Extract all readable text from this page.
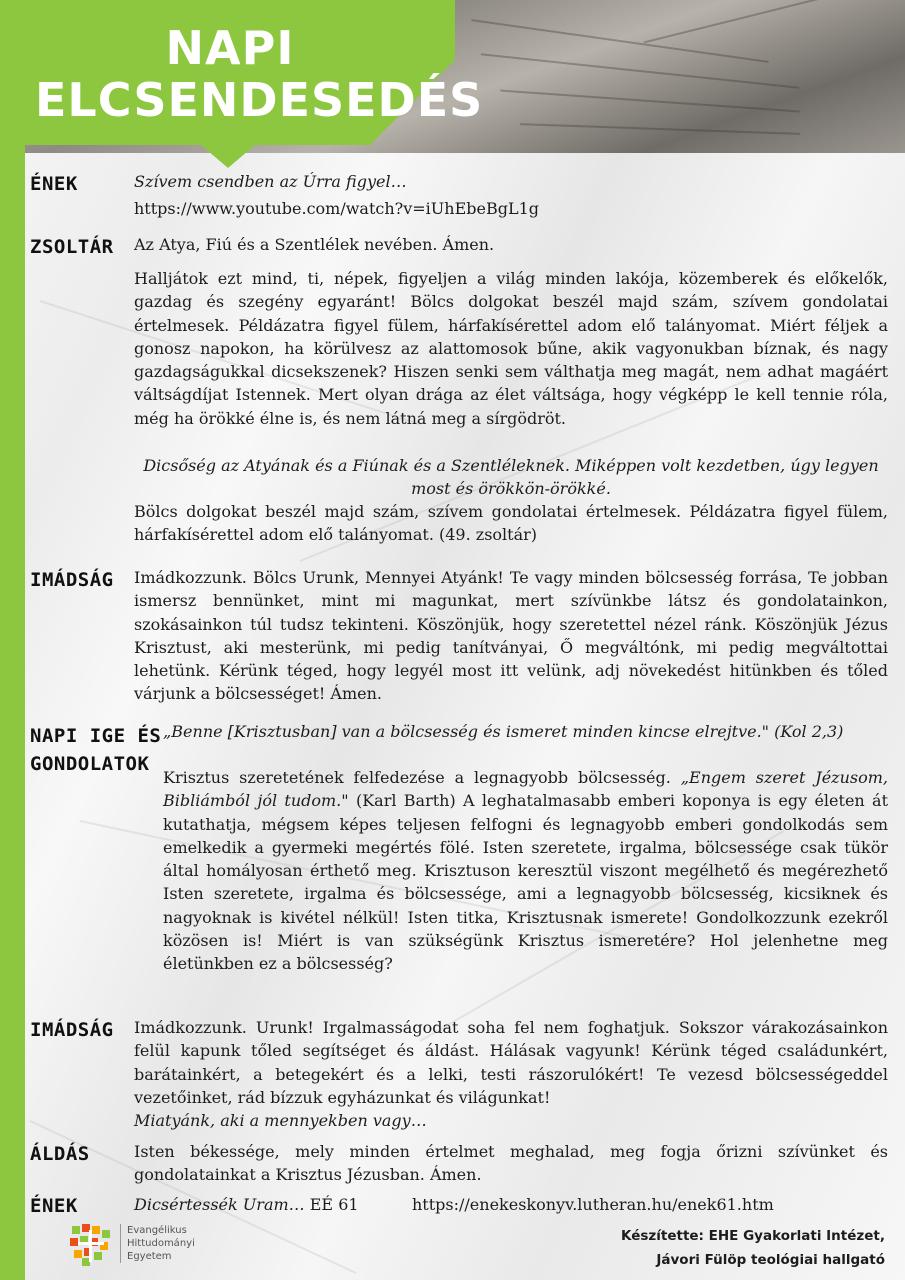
NAPI
ELCSENDESEDÉS
ÉNEK	Szívem csendben az Úrra figyel…

https://www.youtube.com/watch?v=iUhEbeBgL1g

ZSOLTÁR Az Atya, Fiú és a Szentlélek nevében. Ámen.

Halljátok ezt mind, ti, népek, figyeljen a világ minden lakója, közemberek és előkelők, gazdag és szegény egyaránt! Bölcs dolgokat beszél majd szám, szívem gondolatai értelmesek. Példázatra figyel fülem, hárfakísérettel adom elő talányomat. Miért féljek a gonosz napokon, ha körülvesz az alattomosok bűne, akik vagyonukban bíznak, és nagy gazdagságukkal dicsekszenek? Hiszen senki sem válthatja meg magát, nem adhat magáért váltságdíjat Istennek. Mert olyan drága az élet váltsága, hogy végképp le kell tennie róla, még ha örökké élne is, és nem látná meg a sírgödröt.

Dicsőség az Atyának és a Fiúnak és a Szentléleknek. Miképpen volt kezdetben, úgy legyen most és örökkön-örökké.

Bölcs dolgokat beszél majd szám, szívem gondolatai értelmesek. Példázatra figyel fülem, hárfakísérettel adom elő talányomat. (49. zsoltár)

IMÁDSÁG Imádkozzunk. Bölcs Urunk, Mennyei Atyánk! Te vagy minden bölcsesség forrása, Te jobban ismersz bennünket, mint mi magunkat, mert szívünkbe látsz és gondolatainkon, szokásainkon túl tudsz tekinteni. Köszönjük, hogy szeretettel nézel ránk. Köszönjük Jézus Krisztust, aki mesterünk, mi pedig tanítványai, Ő megváltónk, mi pedig megváltottai lehetünk. Kérünk téged, hogy legyél most itt velünk, adj növekedést hitünkben és tőled várjunk a bölcsességet! Ámen.

NAPI IGE ÉS
GONDOLATOK

„Benne [Krisztusban] van a bölcsesség és ismeret minden kincse elrejtve." (Kol 2,3)

Krisztus szeretetének felfedezése a legnagyobb bölcsesség. „Engem szeret Jézusom, Bibliámból jól tudom." (Karl Barth) A leghatalmasabb emberi koponya is egy életen át kutathatja, mégsem képes teljesen felfogni és legnagyobb emberi gondolkodás sem emelkedik a gyermeki megértés fölé. Isten szeretete, irgalma, bölcsessége csak tükör által homályosan érthető meg. Krisztuson keresztül viszont megélhető és megérezhető Isten szeretete, irgalma és bölcsessége, ami a legnagyobb bölcsesség, kicsiknek és nagyoknak is kivétel nélkül! Isten titka, Krisztusnak ismerete! Gondolkozzunk ezekről közösen is! Miért is van szükségünk Krisztus ismeretére? Hol jelenhetne meg életünkben ez a bölcsesség?

IMÁDSÁG Imádkozzunk. Urunk! Irgalmasságodat soha fel nem foghatjuk. Sokszor várakozásainkon felül kapunk tőled segítséget és áldást. Hálásak vagyunk! Kérünk téged családunkért, barátainkért, a betegekért és a lelki, testi rászorulókért! Te vezesd bölcsességeddel vezetőinket, rád bízzuk egyházunkat és világunkat!

Miatyánk, aki a mennyekben vagy…

ÁLDÁS	Isten békessége, mely minden értelmet meghalad, meg fogja őrizni szívünket és gondolatainkat a Krisztus Jézusban. Ámen.

ÉNEK	Dicsértessék Uram… EÉ 61	https://enekeskonyv.lutheran.hu/enek61.htm

Evangélikus
Hittudományi
Egyetem
Készítette: EHE Gyakorlati Intézet,
Jávori Fülöp teológiai hallgató
